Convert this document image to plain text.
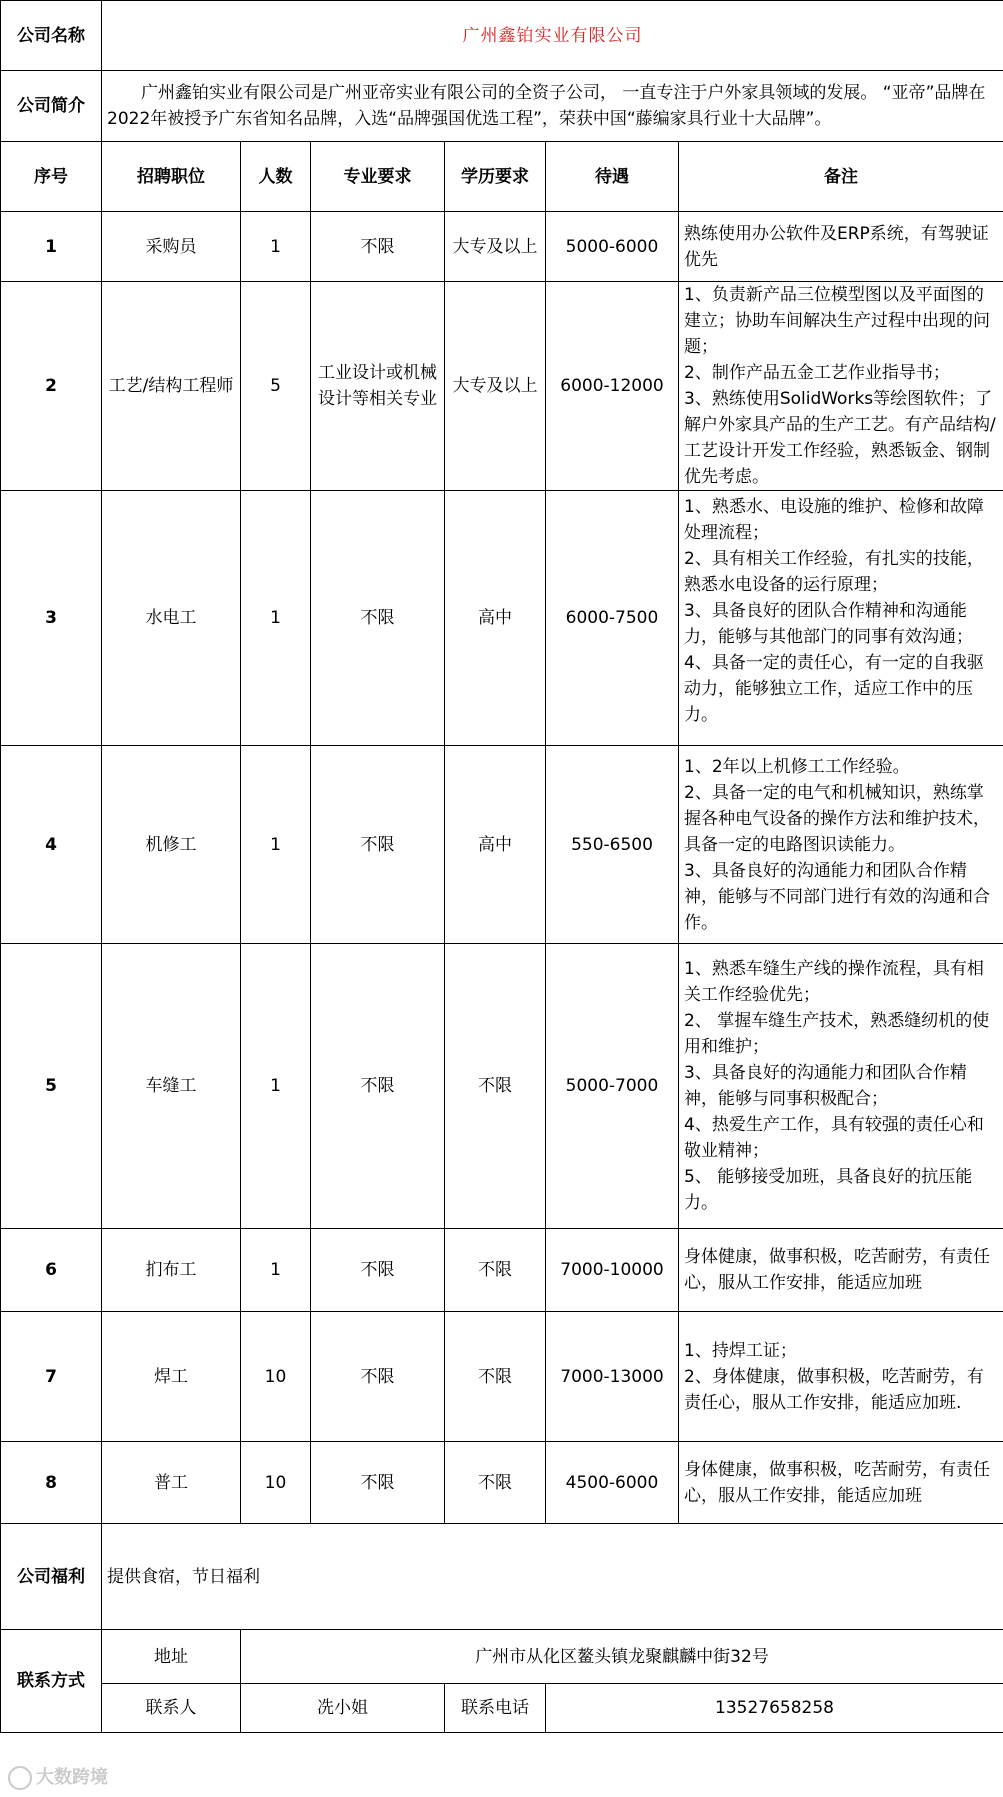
公司名称	广州鑫铂实业有限公司					
公司简介	广州鑫铂实业有限公司是广州亚帝实业有限公司的全资子公司， 一直专注于户外家具领域的发展。 “亚帝”品牌在2022年被授予广东省知名品牌，入选“品牌强国优选工程”，荣获中国“藤编家具行业十大品牌”。					
序号	招聘职位	人数	专业要求	学历要求	待遇	备注
1	采购员	1	不限	大专及以上	5000-6000	熟练使用办公软件及ERP系统，有驾驶证优先

2	工艺/结构工程师	5	工业设计或机械设计等相关专业	大专及以上	6000-12000	1、负责新产品三位模型图以及平面图的建立；协助车间解决生产过程中出现的问题；
2、制作产品五金工艺作业指导书；
3、熟练使用SolidWorks等绘图软件；了解户外家具产品的生产工艺。有产品结构/工艺设计开发工作经验，熟悉钣金、钢制优先考虑。

3	水电工	1	不限	高中	6000-7500	1、熟悉水、电设施的维护、检修和故障处理流程；
2、具有相关工作经验，有扎实的技能，熟悉水电设备的运行原理；
3、具备良好的团队合作精神和沟通能力，能够与其他部门的同事有效沟通；
4、具备一定的责任心，有一定的自我驱动力，能够独立工作，适应工作中的压力。

4	机修工	1	不限	高中	550-6500	1、2年以上机修工工作经验。
2、具备一定的电气和机械知识，熟练掌握各种电气设备的操作方法和维护技术，具备一定的电路图识读能力。
3、具备良好的沟通能力和团队合作精神，能够与不同部门进行有效的沟通和合作。

5	车缝工	1	不限	不限	5000-7000	1、熟悉车缝生产线的操作流程，具有相关工作经验优先；
2、 掌握车缝生产技术，熟悉缝纫机的使用和维护；
3、具备良好的沟通能力和团队合作精神，能够与同事积极配合；
4、热爱生产工作，具有较强的责任心和敬业精神；
5、 能够接受加班，具备良好的抗压能力。

6	扪布工	1	不限	不限	7000-10000	身体健康，做事积极，吃苦耐劳，有责任心，服从工作安排，能适应加班

7	焊工	10	不限	不限	7000-13000	1、持焊工证；
2、身体健康，做事积极，吃苦耐劳，有责任心，服从工作安排，能适应加班.

8	普工	10	不限	不限	4500-6000	身体健康，做事积极，吃苦耐劳，有责任心，服从工作安排，能适应加班

公司福利	提供食宿，节日福利					
联系方式	地址	广州市从化区鳌头镇龙聚麒麟中街32号				
	联系人	冼小姐		联系电话	13527658258	
大数跨境
